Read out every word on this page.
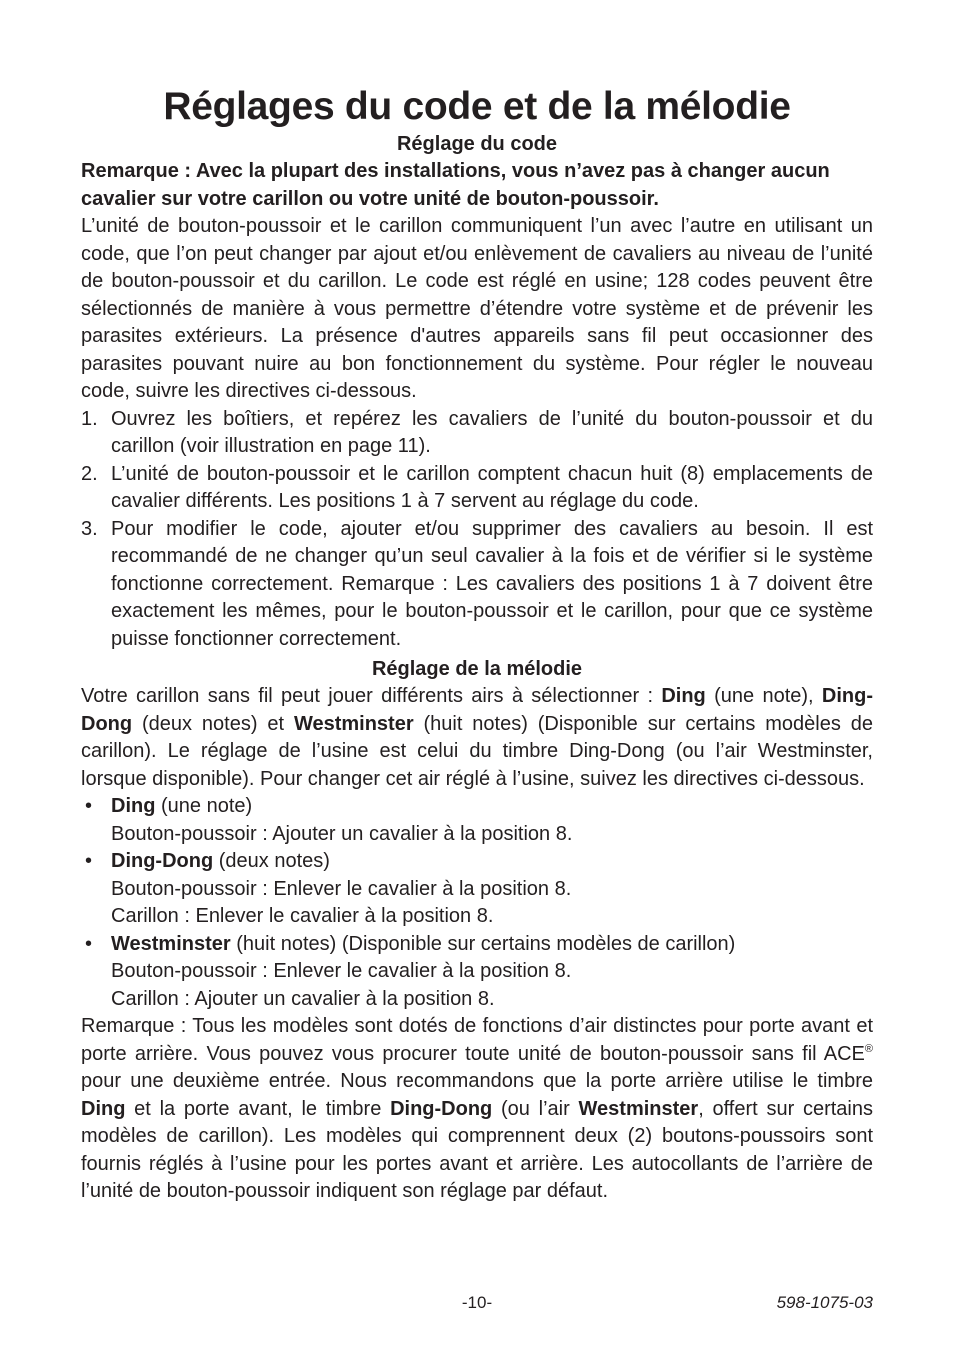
Réglages du code et de la mélodie
Réglage du code

Remarque : Avec la plupart des installations, vous n’avez pas à changer aucun cavalier sur votre carillon ou votre unité de bouton-poussoir.

L’unité de bouton-poussoir et le carillon communiquent l’un avec l’autre en utilisant un code, que l’on peut changer par ajout et/ou enlèvement de cavaliers au niveau de l’unité de bouton-poussoir et du carillon. Le code est réglé en usine; 128 codes peuvent être sélectionnés de manière à vous permettre d’étendre votre système et de prévenir les parasites extérieurs. La présence d'autres appareils sans fil peut occasionner des parasites pouvant nuire au bon fonctionnement du système. Pour régler le nouveau code, suivre les directives ci-dessous.

1. Ouvrez les boîtiers, et repérez les cavaliers de l’unité du bouton-poussoir et du carillon (voir illustration en page 11).
2. L’unité de bouton-poussoir et le carillon comptent chacun huit (8) emplacements de cavalier différents. Les positions 1 à 7 servent au réglage du code.
3. Pour modifier le code, ajouter et/ou supprimer des cavaliers au besoin. Il est recommandé de ne changer qu’un seul cavalier à la fois et de vérifier si le système fonctionne correctement. Remarque : Les cavaliers des positions 1 à 7 doivent être exactement les mêmes, pour le bouton-poussoir et le carillon, pour que ce système puisse fonctionner correctement.
Réglage de la mélodie

Votre carillon sans fil peut jouer différents airs à sélectionner : Ding (une note), Ding-Dong (deux notes) et Westminster (huit notes) (Disponible sur certains modèles de carillon). Le réglage de l’usine est celui du timbre Ding-Dong (ou l’air Westminster, lorsque disponible). Pour changer cet air réglé à l’usine, suivez les directives ci-dessous.

• Ding (une note)
Bouton-poussoir : Ajouter un cavalier à la position 8.
• Ding-Dong (deux notes)
Bouton-poussoir : Enlever le cavalier à la position 8.
Carillon : Enlever le cavalier à la position 8.
• Westminster (huit notes) (Disponible sur certains modèles de carillon)
Bouton-poussoir : Enlever le cavalier à la position 8.
Carillon : Ajouter un cavalier à la position 8.

Remarque : Tous les modèles sont dotés de fonctions d’air distinctes pour porte avant et porte arrière. Vous pouvez vous procurer toute unité de bouton-poussoir sans fil ACE® pour une deuxième entrée. Nous recommandons que la porte arrière utilise le timbre Ding et la porte avant, le timbre Ding-Dong (ou l’air Westminster, offert sur certains modèles de carillon). Les modèles qui comprennent deux (2) boutons-poussoirs sont fournis réglés à l’usine pour les portes avant et arrière. Les autocollants de l’arrière de l’unité de bouton-poussoir indiquent son réglage par défaut.

-10-	598-1075-03
